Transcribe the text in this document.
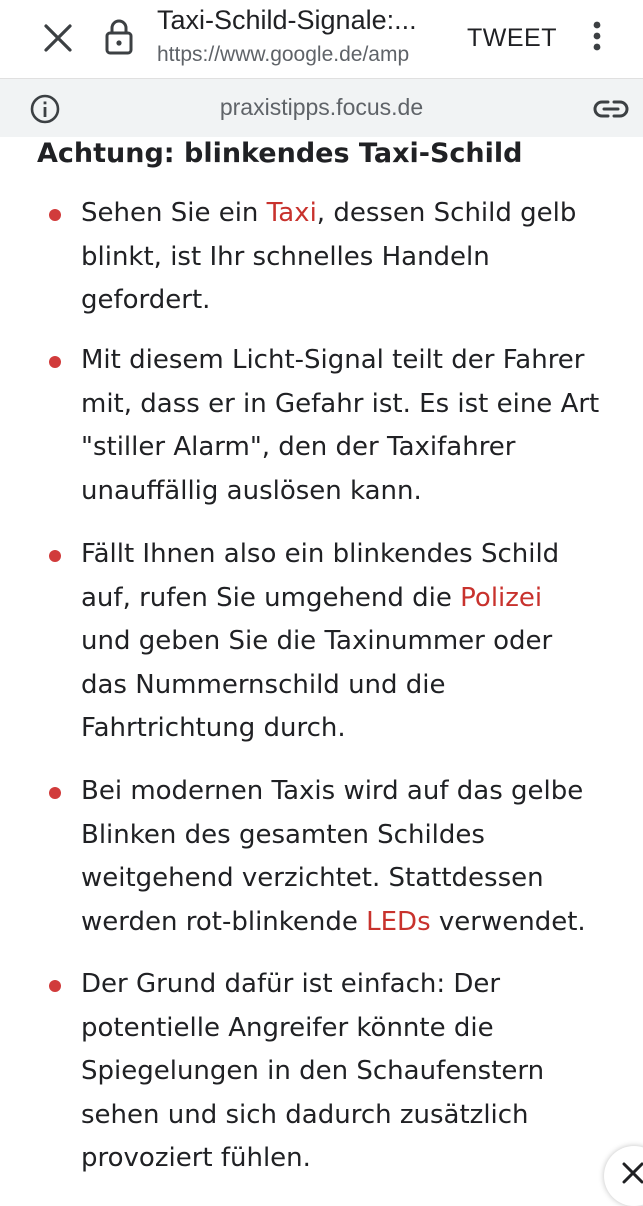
Taxi-Schild-Signale:...
https://www.google.de/amp
TWEET
praxistipps.focus.de
Achtung: blinkendes Taxi-Schild

Sehen Sie ein Taxi, dessen Schild gelb

blinkt, ist Ihr schnelles Handeln

gefordert.

Mit diesem Licht-Signal teilt der Fahrer

mit, dass er in Gefahr ist. Es ist eine Art

"stiller Alarm", den der Taxifahrer

unauffällig auslösen kann.

Fällt Ihnen also ein blinkendes Schild

auf, rufen Sie umgehend die Polizei

und geben Sie die Taxinummer oder

das Nummernschild und die

Fahrtrichtung durch.

Bei modernen Taxis wird auf das gelbe

Blinken des gesamten Schildes

weitgehend verzichtet. Stattdessen

werden rot-blinkende LEDs verwendet.

Der Grund dafür ist einfach: Der

potentielle Angreifer könnte die

Spiegelungen in den Schaufenstern

sehen und sich dadurch zusätzlich

provoziert fühlen.
